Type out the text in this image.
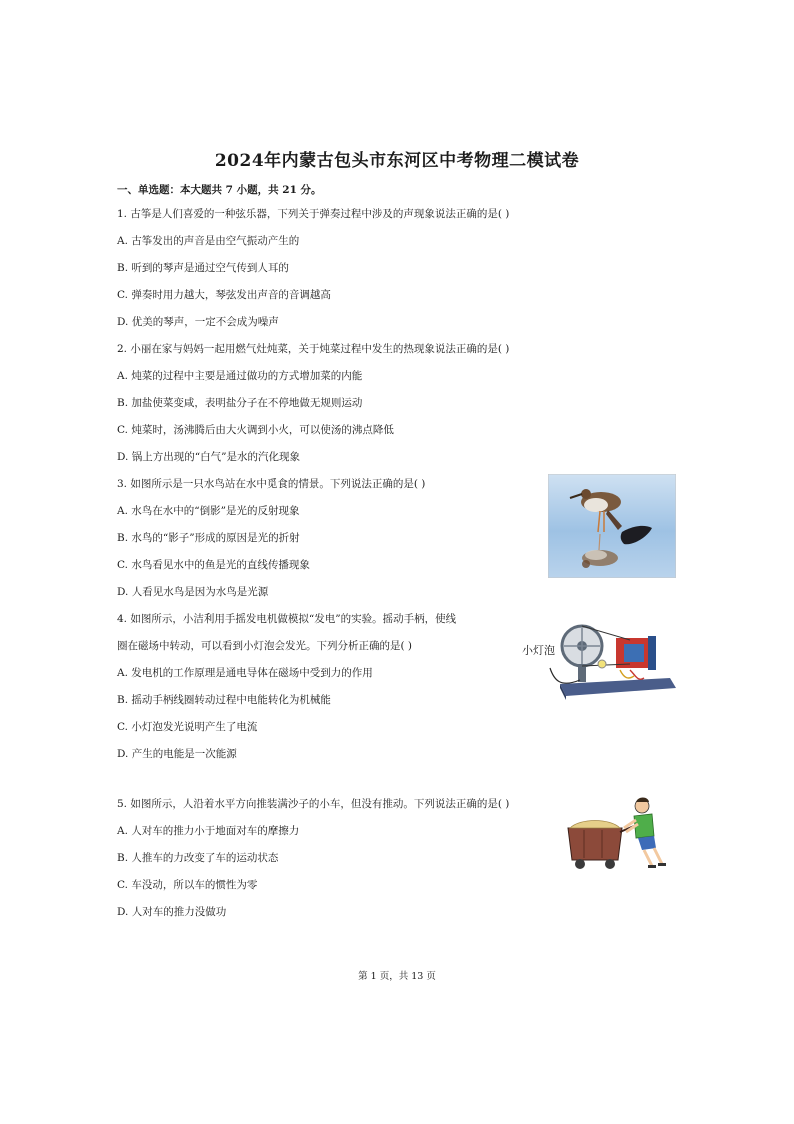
2024年内蒙古包头市东河区中考物理二模试卷
一、单选题：本大题共 7 小题，共 21 分。
1. 古筝是人们喜爱的一种弦乐器，下列关于弹奏过程中涉及的声现象说法正确的是( )
A. 古筝发出的声音是由空气振动产生的
B. 听到的琴声是通过空气传到人耳的
C. 弹奏时用力越大，琴弦发出声音的音调越高
D. 优美的琴声，一定不会成为噪声
2. 小丽在家与妈妈一起用燃气灶炖菜，关于炖菜过程中发生的热现象说法正确的是( )
A. 炖菜的过程中主要是通过做功的方式增加菜的内能
B. 加盐使菜变咸，表明盐分子在不停地做无规则运动
C. 炖菜时，汤沸腾后由大火调到小火，可以使汤的沸点降低
D. 锅上方出现的“白气”是水的汽化现象
3. 如图所示是一只水鸟站在水中觅食的情景。下列说法正确的是( )
A. 水鸟在水中的“倒影”是光的反射现象
B. 水鸟的“影子”形成的原因是光的折射
C. 水鸟看见水中的鱼是光的直线传播现象
D. 人看见水鸟是因为水鸟是光源
4. 如图所示，小洁利用手摇发电机做模拟“发电”的实验。摇动手柄，使线
圈在磁场中转动，可以看到小灯泡会发光。下列分析正确的是( )
A. 发电机的工作原理是通电导体在磁场中受到力的作用
B. 摇动手柄线圈转动过程中电能转化为机械能
C. 小灯泡发光说明产生了电流
D. 产生的电能是一次能源
小灯泡
5. 如图所示，人沿着水平方向推装满沙子的小车，但没有推动。下列说法正确的是( )
A. 人对车的推力小于地面对车的摩擦力
B. 人推车的力改变了车的运动状态
C. 车没动，所以车的惯性为零
D. 人对车的推力没做功
第 1 页，共 13 页
